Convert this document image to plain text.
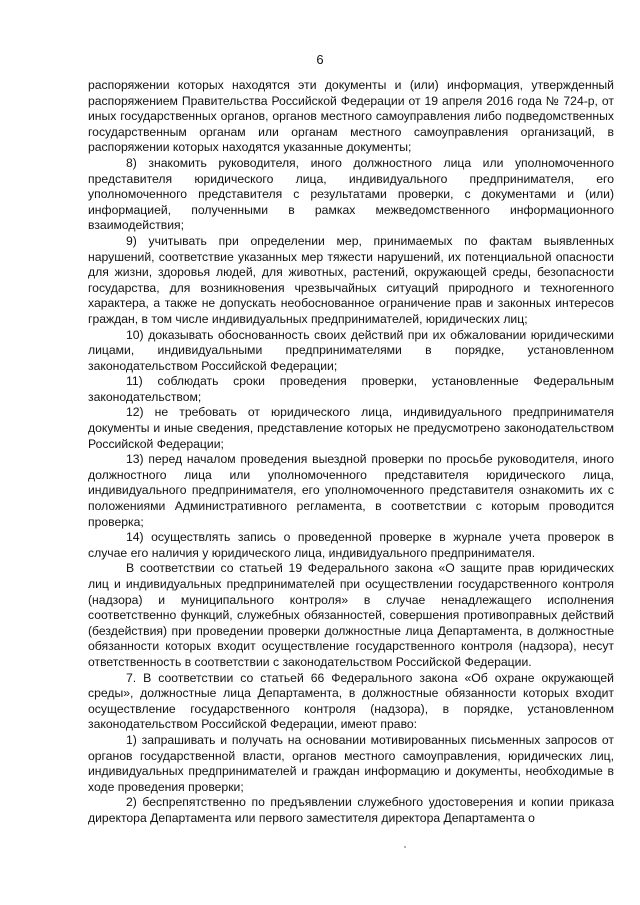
6

распоряжении которых находятся эти документы и (или) информация, утвержденный распоряжением Правительства Российской Федерации от 19 апреля 2016 года № 724-р, от иных государственных органов, органов местного самоуправления либо подведомственных государственным органам или органам местного самоуправления организаций, в распоряжении которых находятся указанные документы;

8) знакомить руководителя, иного должностного лица или уполномоченного представителя юридического лица, индивидуального предпринимателя, его уполномоченного представителя с результатами проверки, с документами и (или) информацией, полученными в рамках межведомственного информационного взаимодействия;

9) учитывать при определении мер, принимаемых по фактам выявленных нарушений, соответствие указанных мер тяжести нарушений, их потенциальной опасности для жизни, здоровья людей, для животных, растений, окружающей среды, безопасности государства, для возникновения чрезвычайных ситуаций природного и техногенного характера, а также не допускать необоснованное ограничение прав и законных интересов граждан, в том числе индивидуальных предпринимателей, юридических лиц;

10) доказывать обоснованность своих действий при их обжаловании юридическими лицами, индивидуальными предпринимателями в порядке, установленном законодательством Российской Федерации;

11) соблюдать сроки проведения проверки, установленные Федеральным законодательством;

12) не требовать от юридического лица, индивидуального предпринимателя документы и иные сведения, представление которых не предусмотрено законодательством Российской Федерации;

13) перед началом проведения выездной проверки по просьбе руководителя, иного должностного лица или уполномоченного представителя юридического лица, индивидуального предпринимателя, его уполномоченного представителя ознакомить их с положениями Административного регламента, в соответствии с которым проводится проверка;

14) осуществлять запись о проведенной проверке в журнале учета проверок в случае его наличия у юридического лица, индивидуального предпринимателя.

В соответствии со статьей 19 Федерального закона «О защите прав юридических лиц и индивидуальных предпринимателей при осуществлении государственного контроля (надзора) и муниципального контроля» в случае ненадлежащего исполнения соответственно функций, служебных обязанностей, совершения противоправных действий (бездействия) при проведении проверки должностные лица Департамента, в должностные обязанности которых входит осуществление государственного контроля (надзора), несут ответственность в соответствии с законодательством Российской Федерации.

7. В соответствии со статьей 66 Федерального закона «Об охране окружающей среды», должностные лица Департамента, в должностные обязанности которых входит осуществление государственного контроля (надзора), в порядке, установленном законодательством Российской Федерации, имеют право:

1) запрашивать и получать на основании мотивированных письменных запросов от органов государственной власти, органов местного самоуправления, юридических лиц, индивидуальных предпринимателей и граждан информацию и документы, необходимые в ходе проведения проверки;

2) беспрепятственно по предъявлении служебного удостоверения и копии приказа директора Департамента или первого заместителя директора Департамента о
